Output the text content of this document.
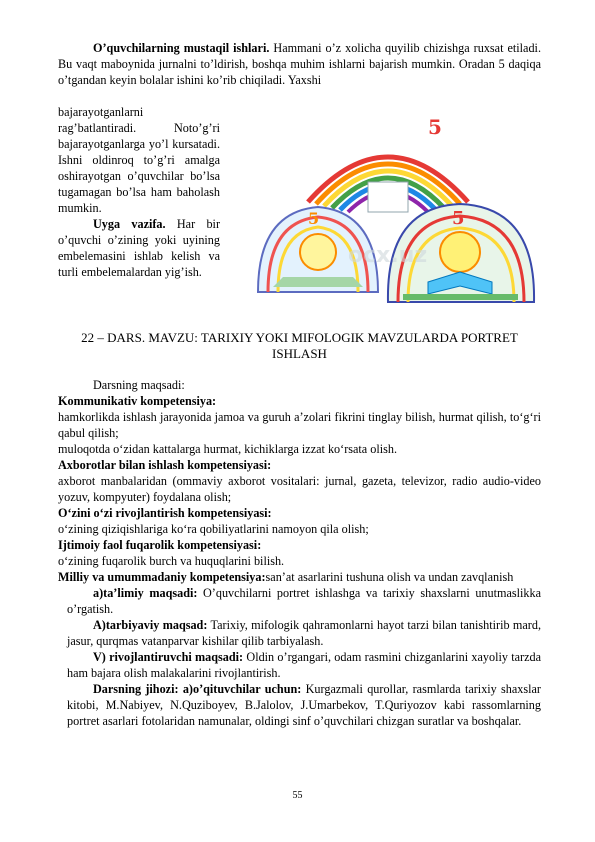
O’quvchilarning mustaqil ishlari. Hammani o’z xolicha quyilib chizishga ruxsat etiladi. Bu vaqt maboynida jurnalni to’ldirish, boshqa muhim ishlarni bajarish mumkin. Oradan 5 daqiqa o’tgandan keyin bolalar ishini ko’rib chiqiladi. Yaxshi

bajarayotganlarni rag’batlantiradi. Noto’g’ri bajarayotganlarga yo’l kursatadi. Ishni oldinroq to’g’ri amalga oshirayotgan o’quvchilar bo’lsa tugamagan bo’lsa ham baholash mumkin.

Uyga vazifa. Har bir o’quvchi o’zining yoki uyining embelemasini ishlab kelish va turli embelemalardan yig’ish.

5
5	5
ocx.uz
22 – DARS. MAVZU: TARIXIY YOKI MIFOLOGIK MAVZULARDA PORTRET ISHLASH

Darsning maqsadi:

Kommunikativ kompetensiya:

hamkorlikda ishlash jarayonida jamoa va guruh a’zolari fikrini tinglay bilish, hurmat qilish, to‘g‘ri qabul qilish;

muloqotda o‘zidan kattalarga hurmat, kichiklarga izzat ko‘rsata olish.

Axborotlar bilan ishlash kompetensiyasi:

axborot manbalaridan (ommaviy axborot vositalari: jurnal, gazeta, televizor, radio audio-video yozuv, kompyuter) foydalana olish;

O‘zini o‘zi rivojlantirish kompetensiyasi:

o‘zining qiziqishlariga ko‘ra qobiliyatlarini namoyon qila olish;

Ijtimoiy faol fuqarolik kompetensiyasi:

o‘zining fuqarolik burch va huquqlarini bilish.

Milliy va umummadaniy kompetensiya:san’at asarlarini tushuna olish va undan zavqlanish

a)ta’limiy maqsadi: O’quvchilarni portret ishlashga va tarixiy shaxslarni unutmaslikka o’rgatish.

A)tarbiyaviy maqsad: Tarixiy, mifologik qahramonlarni hayot tarzi bilan tanishtirib mard, jasur, qurqmas vatanparvar kishilar qilib tarbiyalash.

V) rivojlantiruvchi maqsadi: Oldin o’rgangari, odam rasmini chizganlarini xayoliy tarzda ham bajara olish malakalarini rivojlantirish.

Darsning jihozi: a)o’qituvchilar uchun: Kurgazmali qurollar, rasmlarda tarixiy shaxslar kitobi, M.Nabiyev, N.Quziboyev, B.Jalolov, J.Umarbekov, T.Quriyozov kabi rassomlarning portret asarlari fotolaridan namunalar, oldingi sinf o’quvchilari chizgan suratlar va boshqalar.

55
